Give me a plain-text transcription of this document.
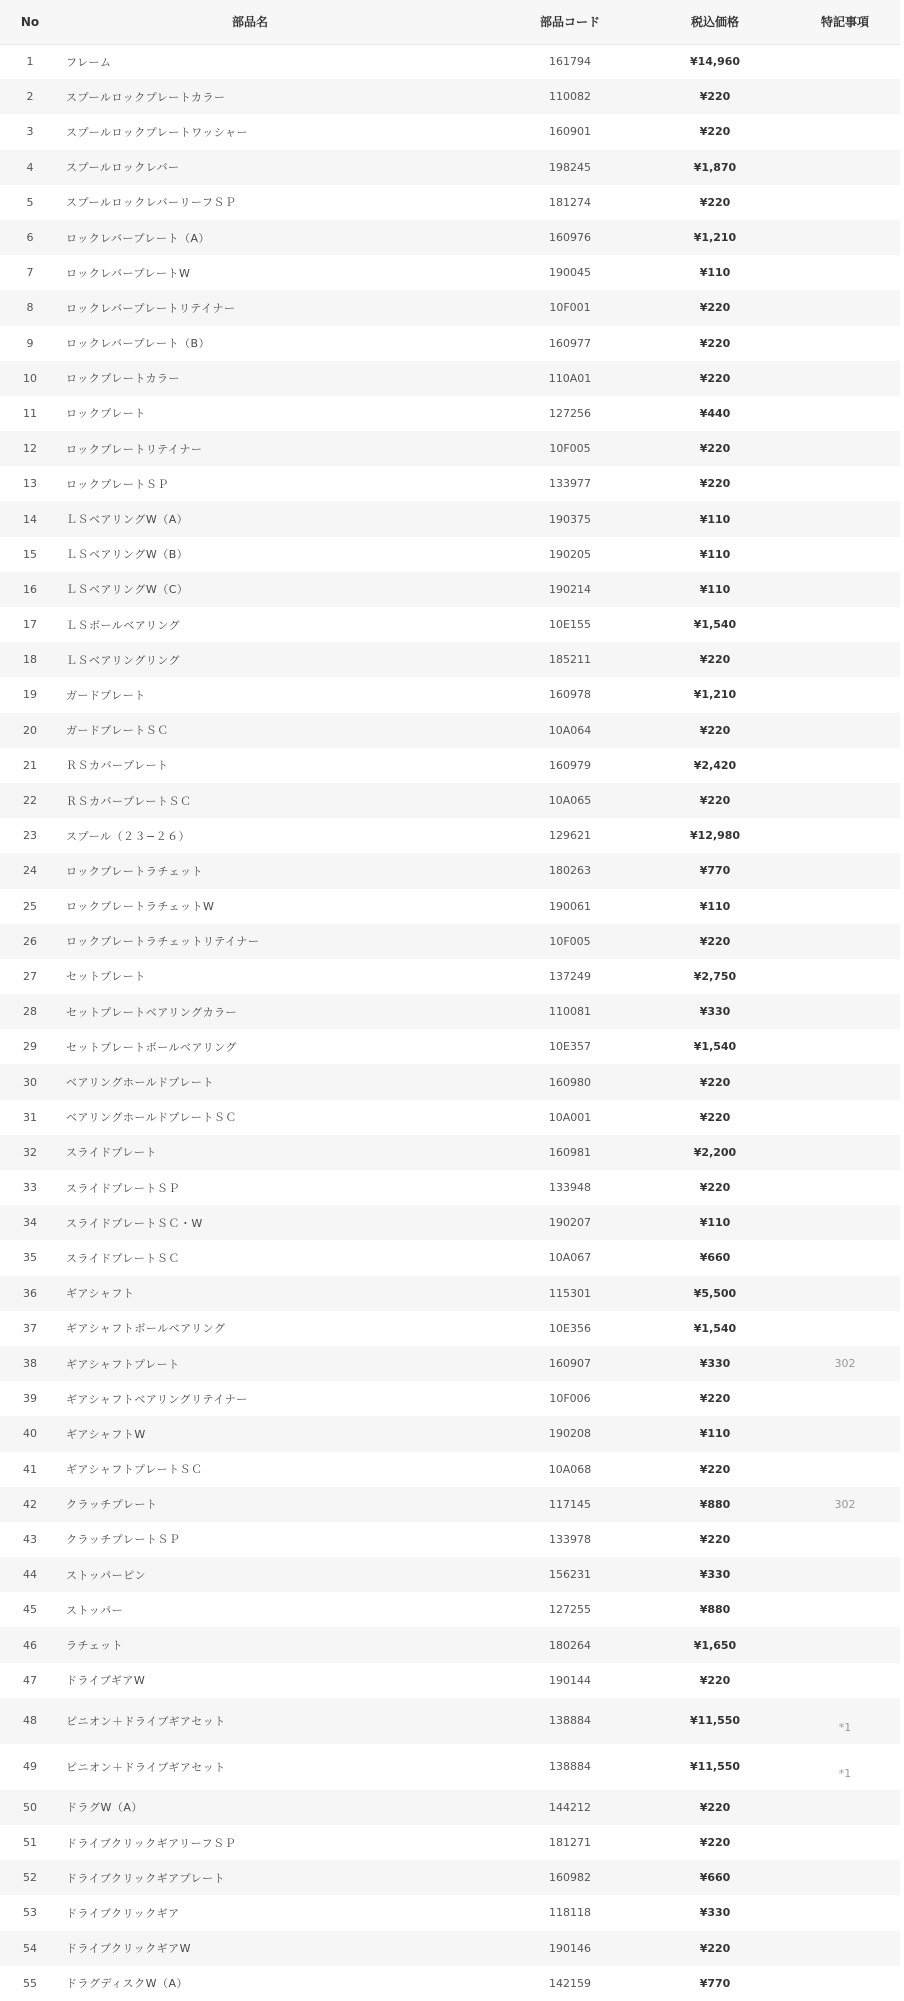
No	部品名	部品コード	税込価格	特記事項
1	フレーム	161794	¥14,960	
2	スプールロックプレートカラー	110082	¥220	
3	スプールロックプレートワッシャー	160901	¥220	
4	スプールロックレバー	198245	¥1,870	
5	スプールロックレバーリーフＳＰ	181274	¥220	
6	ロックレバープレート（A）	160976	¥1,210	
7	ロックレバープレートW	190045	¥110	
8	ロックレバープレートリテイナー	10F001	¥220	
9	ロックレバープレート（B）	160977	¥220	
10	ロックプレートカラー	110A01	¥220	
11	ロックプレート	127256	¥440	
12	ロックプレートリテイナー	10F005	¥220	
13	ロックプレートＳＰ	133977	¥220	
14	ＬＳベアリングW（A）	190375	¥110	
15	ＬＳベアリングW（B）	190205	¥110	
16	ＬＳベアリングW（C）	190214	¥110	
17	ＬＳボールベアリング	10E155	¥1,540	
18	ＬＳベアリングリング	185211	¥220	
19	ガードプレート	160978	¥1,210	
20	ガードプレートＳＣ	10A064	¥220	
21	ＲＳカバープレート	160979	¥2,420	
22	ＲＳカバープレートＳＣ	10A065	¥220	
23	スプール（２３−２６）	129621	¥12,980	
24	ロックプレートラチェット	180263	¥770	
25	ロックプレートラチェットW	190061	¥110	
26	ロックプレートラチェットリテイナー	10F005	¥220	
27	セットプレート	137249	¥2,750	
28	セットプレートベアリングカラー	110081	¥330	
29	セットプレートボールベアリング	10E357	¥1,540	
30	ベアリングホールドプレート	160980	¥220	
31	ベアリングホールドプレートＳＣ	10A001	¥220	
32	スライドプレート	160981	¥2,200	
33	スライドプレートＳＰ	133948	¥220	
34	スライドプレートＳＣ・W	190207	¥110	
35	スライドプレートＳＣ	10A067	¥660	
36	ギアシャフト	115301	¥5,500	
37	ギアシャフトボールベアリング	10E356	¥1,540	
38	ギアシャフトプレート	160907	¥330	302
39	ギアシャフトベアリングリテイナー	10F006	¥220	
40	ギアシャフトW	190208	¥110	
41	ギアシャフトプレートＳＣ	10A068	¥220	
42	クラッチプレート	117145	¥880	302
43	クラッチプレートＳＰ	133978	¥220	
44	ストッパーピン	156231	¥330	
45	ストッパー	127255	¥880	
46	ラチェット	180264	¥1,650	
47	ドライブギアW	190144	¥220	
48	ピニオン＋ドライブギアセット	138884	¥11,550	*1
49	ピニオン＋ドライブギアセット	138884	¥11,550	*1
50	ドラグW（A）	144212	¥220	
51	ドライブクリックギアリーフＳＰ	181271	¥220	
52	ドライブクリックギアプレート	160982	¥660	
53	ドライブクリックギア	118118	¥330	
54	ドライブクリックギアW	190146	¥220	
55	ドラグディスクW（A）	142159	¥770	
